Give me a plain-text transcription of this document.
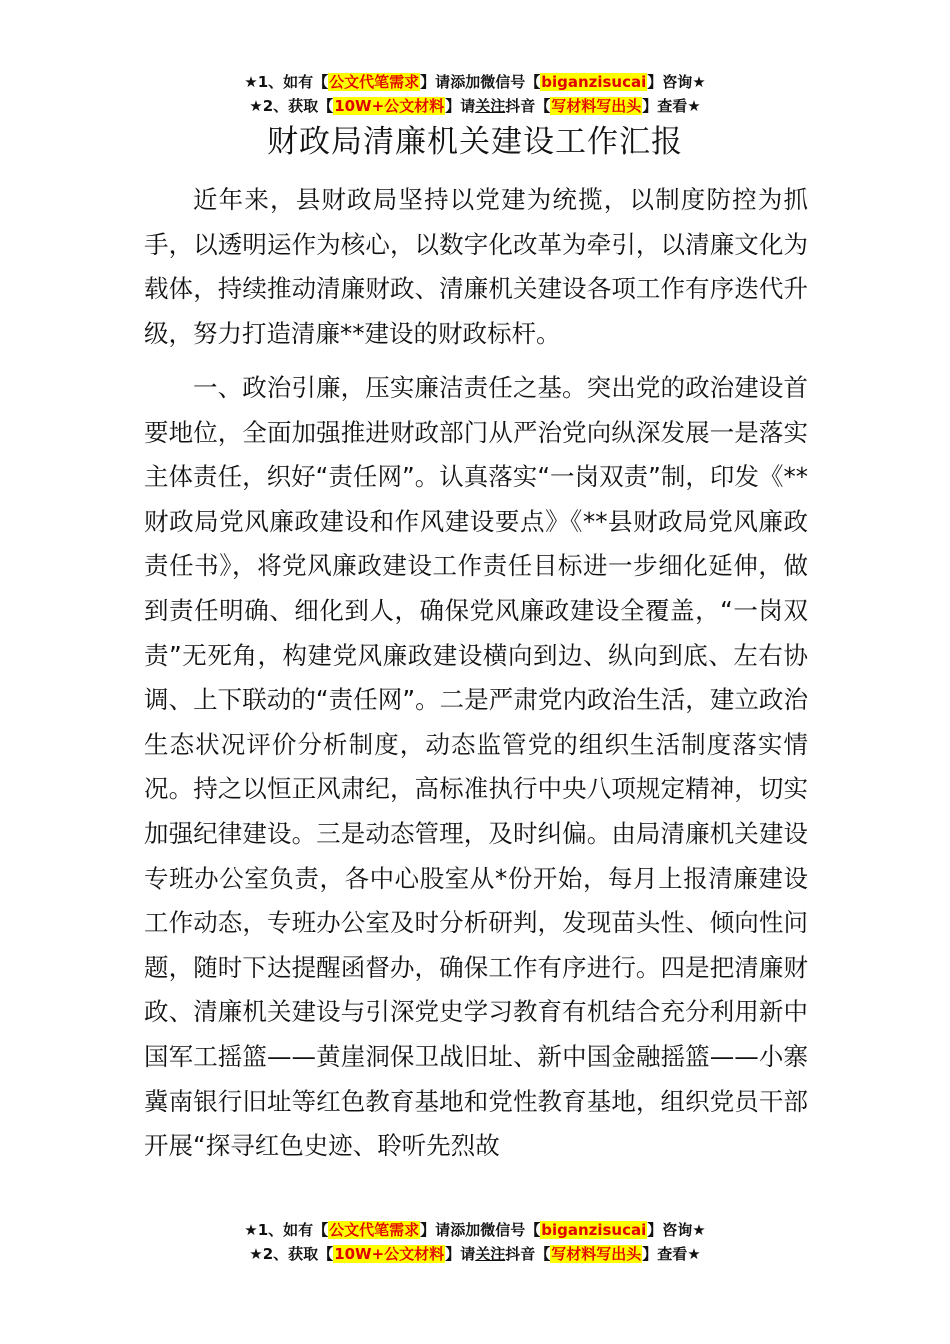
★1、如有【公文代笔需求】请添加微信号【biganzisucai】咨询★
★2、获取【10W+公文材料】请关注抖音【写材料写出头】查看★
财政局清廉机关建设工作汇报

近年来，县财政局坚持以党建为统揽，以制度防控为抓手，以透明运作为核心，以数字化改革为牵引，以清廉文化为载体，持续推动清廉财政、清廉机关建设各项工作有序迭代升级，努力打造清廉**建设的财政标杆。

一、政治引廉，压实廉洁责任之基。突出党的政治建设首要地位，全面加强推进财政部门从严治党向纵深发展一是落实主体责任，织好“责任网”。认真落实“一岗双责”制，印发《**财政局党风廉政建设和作风建设要点》《**县财政局党风廉政责任书》，将党风廉政建设工作责任目标进一步细化延伸，做到责任明确、细化到人，确保党风廉政建设全覆盖，“一岗双责”无死角，构建党风廉政建设横向到边、纵向到底、左右协调、上下联动的“责任网”。二是严肃党内政治生活，建立政治生态状况评价分析制度，动态监管党的组织生活制度落实情况。持之以恒正风肃纪，高标准执行中央八项规定精神，切实加强纪律建设。三是动态管理，及时纠偏。由局清廉机关建设专班办公室负责，各中心股室从*份开始，每月上报清廉建设工作动态，专班办公室及时分析研判，发现苗头性、倾向性问题，随时下达提醒函督办，确保工作有序进行。四是把清廉财政、清廉机关建设与引深党史学习教育有机结合充分利用新中国军工摇篮——黄崖洞保卫战旧址、新中国金融摇篮——小寨冀南银行旧址等红色教育基地和党性教育基地，组织党员干部开展“探寻红色史迹、聆听先烈故

★1、如有【公文代笔需求】请添加微信号【biganzisucai】咨询★
★2、获取【10W+公文材料】请关注抖音【写材料写出头】查看★
